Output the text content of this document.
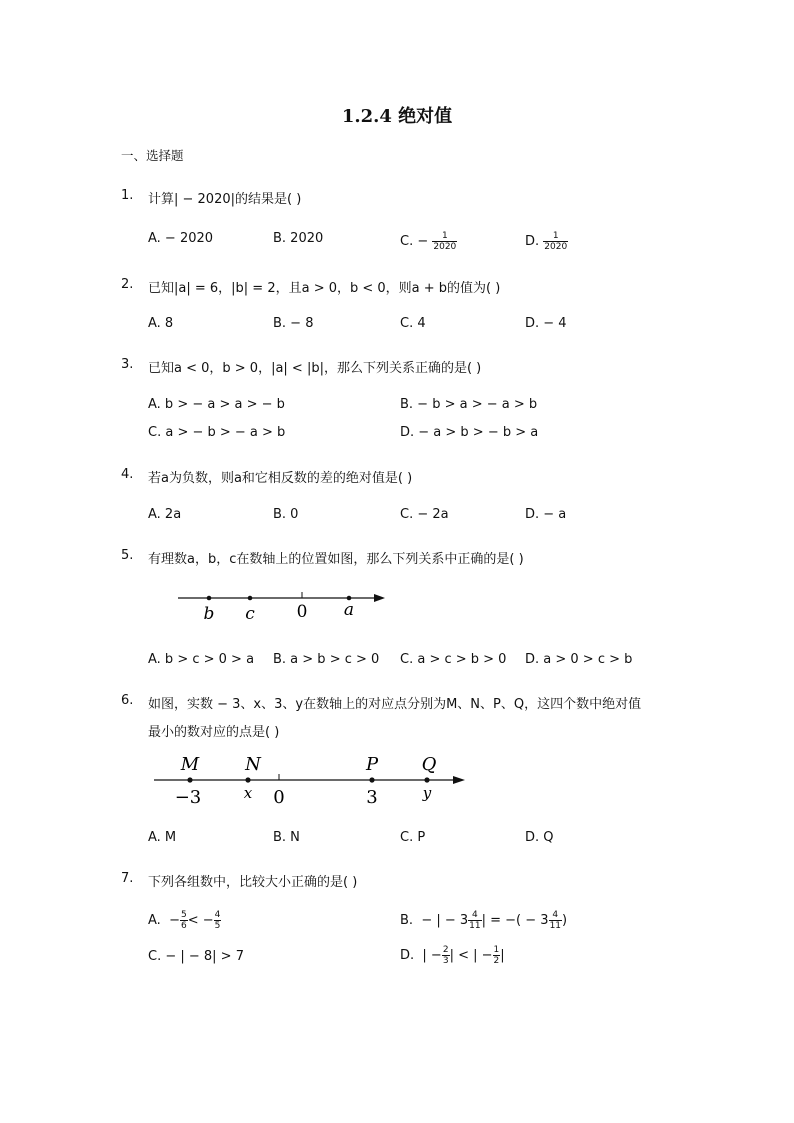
1.2.4 绝对值
一、选择题
1. 计算| − 2020|的结果是( )
A. − 2020	B. 2020	C. − $\frac{1}{2020}$	D. $\frac{1}{2020}$
2. 已知|a| = 6，|b| = 2，且a > 0，b < 0，则a + b的值为( )
A. 8	B. − 8	C. 4	D. − 4
3. 已知a < 0，b > 0，|a| < |b|，那么下列关系正确的是( )
A. b > − a > a > − b	B. − b > a > − a > b
C. a > − b > − a > b	D. − a > b > − b > a
4. 若a为负数，则a和它相反数的差的绝对值是( )
A. 2a	B. 0	C. − 2a	D. − a
5. 有理数a，b，c在数轴上的位置如图，那么下列关系中正确的是( )
b c 0 a
A. b > c > 0 > a B. a > b > c > 0 C. a > c > b > 0 D. a > 0 > c > b
6. 如图，实数 − 3、x、3、y在数轴上的对应点分别为M、N、P、Q，这四个数中绝对值
最小的数对应的点是( )
M	N	P Q
−3	x 0	3	y
A. M	B. N	C. P	D. Q
7. 下列各组数中，比较大小正确的是( )
A. − $\frac{5}{6}$ < − $\frac{4}{5}$	B. − | − $3 \frac{4}{11}$ | = −( − $3 \frac{4}{11}$ )
C. − | − 8| > 7	D. | − $\frac{2}{3}$ | < | − $\frac{1}{2}$ |
